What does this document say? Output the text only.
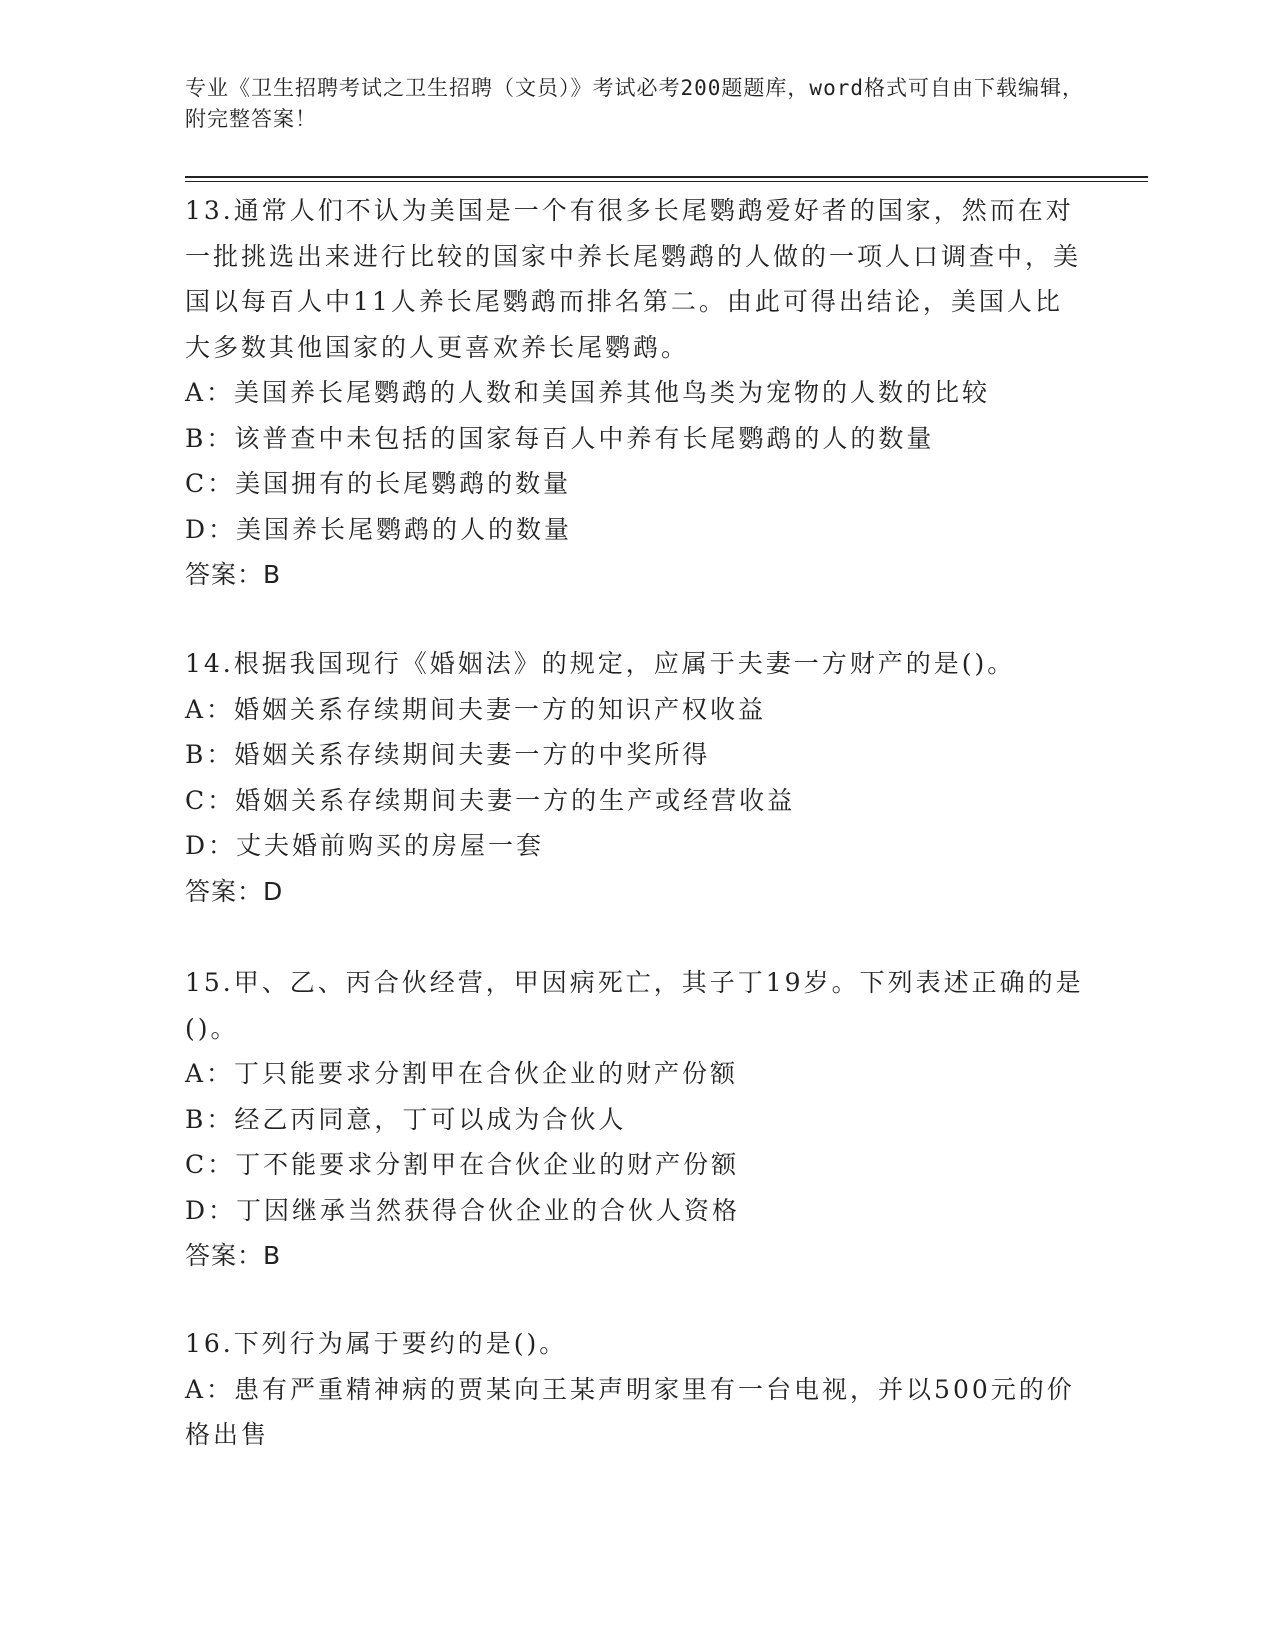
专业《卫生招聘考试之卫生招聘（文员）》考试必考200题题库，word格式可自由下载编辑，附完整答案！

13.通常人们不认为美国是一个有很多长尾鹦鹉爱好者的国家，然而在对一批挑选出来进行比较的国家中养长尾鹦鹉的人做的一项人口调查中，美国以每百人中11人养长尾鹦鹉而排名第二。由此可得出结论，美国人比大多数其他国家的人更喜欢养长尾鹦鹉。

A：美国养长尾鹦鹉的人数和美国养其他鸟类为宠物的人数的比较

B：该普查中未包括的国家每百人中养有长尾鹦鹉的人的数量

C：美国拥有的长尾鹦鹉的数量

D：美国养长尾鹦鹉的人的数量

答案：B

14.根据我国现行《婚姻法》的规定，应属于夫妻一方财产的是()。

A：婚姻关系存续期间夫妻一方的知识产权收益

B：婚姻关系存续期间夫妻一方的中奖所得

C：婚姻关系存续期间夫妻一方的生产或经营收益

D：丈夫婚前购买的房屋一套

答案：D

15.甲、乙、丙合伙经营，甲因病死亡，其子丁19岁。下列表述正确的是()。

A：丁只能要求分割甲在合伙企业的财产份额

B：经乙丙同意，丁可以成为合伙人

C：丁不能要求分割甲在合伙企业的财产份额

D：丁因继承当然获得合伙企业的合伙人资格

答案：B

16.下列行为属于要约的是()。

A：患有严重精神病的贾某向王某声明家里有一台电视，并以500元的价格出售
